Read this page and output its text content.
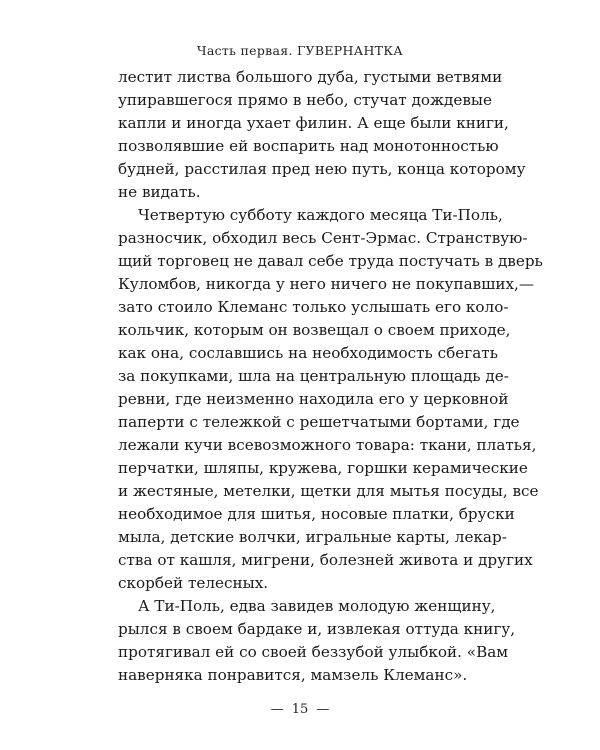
Часть первая. ГУВЕРНАНТКА
лестит листва большого дуба, густыми ветвями
упиравшегося прямо в небо, стучат дождевые
капли и иногда ухает филин. А еще были книги,
позволявшие ей воспарить над монотонностью
будней, расстилая пред нею путь, конца которому
не видать.
Четвертую субботу каждого месяца Ти-Поль,
разносчик, обходил весь Сент-Эрмас. Странствую-
щий торговец не давал себе труда постучать в дверь
Куломбов, никогда у него ничего не покупавших,—
зато стоило Клеманс только услышать его коло-
кольчик, которым он возвещал о своем приходе,
как она, сославшись на необходимость сбегать
за покупками, шла на центральную площадь де-
ревни, где неизменно находила его у церковной
паперти с тележкой с решетчатыми бортами, где
лежали кучи всевозможного товара: ткани, платья,
перчатки, шляпы, кружева, горшки керамические
и жестяные, метелки, щетки для мытья посуды, все
необходимое для шитья, носовые платки, бруски
мыла, детские волчки, игральные карты, лекар-
ства от кашля, мигрени, болезней живота и других
скорбей телесных.
А Ти-Поль, едва завидев молодую женщину,
рылся в своем бардаке и, извлекая оттуда книгу,
протягивал ей со своей беззубой улыбкой. «Вам
наверняка понравится, мамзель Клеманс».
— 15 —
